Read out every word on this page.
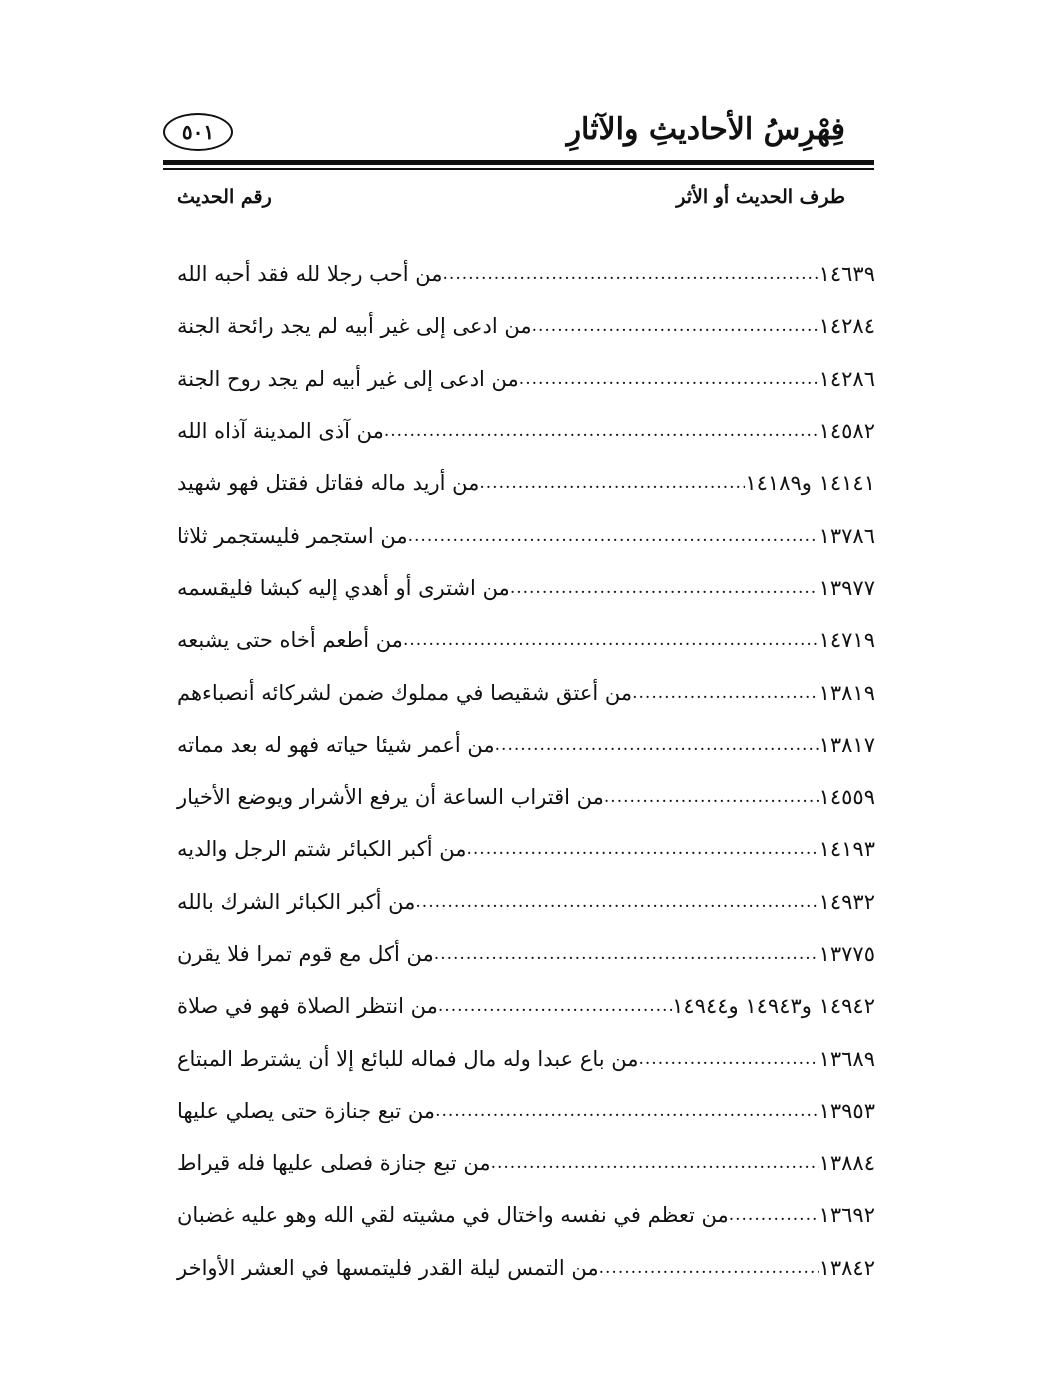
فِهْرِسُ الأحاديثِ والآثارِ
٥٠١
طرف الحديث أو الأثر
رقم الحديث
من أحب رجلا لله فقد أحبه الله .....	١٤٦٣٩
من ادعى إلى غير أبيه لم يجد رائحة الجنة .....	١٤٢٨٤
من ادعى إلى غير أبيه لم يجد روح الجنة .....	١٤٢٨٦
من آذى المدينة آذاه الله .....	١٤٥٨٢
من أريد ماله فقاتل فقتل فهو شهيد .....	١٤١٤١ و١٤١٨٩
من استجمر فليستجمر ثلاثا .....	١٣٧٨٦
من اشترى أو أهدي إليه كبشا فليقسمه .....	١٣٩٧٧
من أطعم أخاه حتى يشبعه .....	١٤٧١٩
من أعتق شقيصا في مملوك ضمن لشركائه أنصباءهم .....	١٣٨١٩
من أعمر شيئا حياته فهو له بعد مماته .....	١٣٨١٧
من اقتراب الساعة أن يرفع الأشرار ويوضع الأخيار .....	١٤٥٥٩
من أكبر الكبائر شتم الرجل والديه .....	١٤١٩٣
من أكبر الكبائر الشرك بالله .....	١٤٩٣٢
من أكل مع قوم تمرا فلا يقرن .....	١٣٧٧٥
من انتظر الصلاة فهو في صلاة .....	١٤٩٤٢ و١٤٩٤٣ و١٤٩٤٤
من باع عبدا وله مال فماله للبائع إلا أن يشترط المبتاع .....	١٣٦٨٩
من تبع جنازة حتى يصلي عليها .....	١٣٩٥٣
من تبع جنازة فصلى عليها فله قيراط .....	١٣٨٨٤
من تعظم في نفسه واختال في مشيته لقي الله وهو عليه غضبان .....	١٣٦٩٢
من التمس ليلة القدر فليتمسها في العشر الأواخر .....	١٣٨٤٢
